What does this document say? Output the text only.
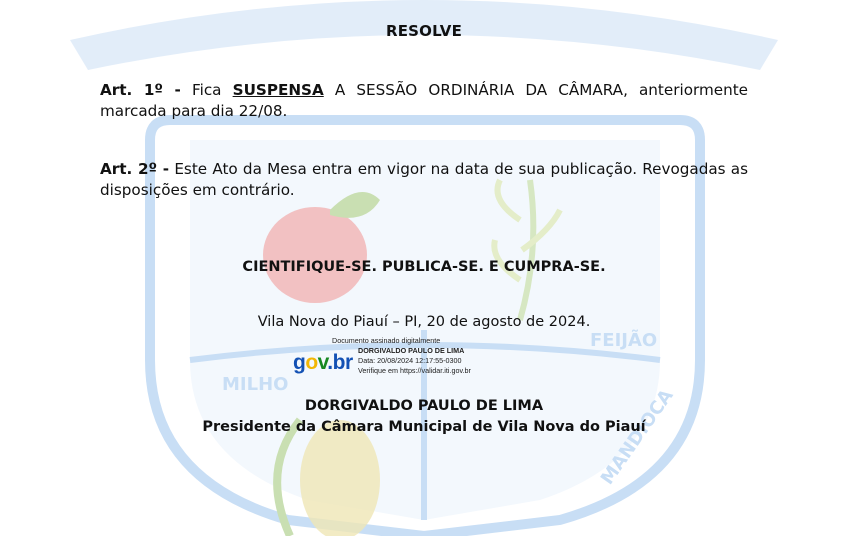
FEIJÃO
MILHO
MANDIOCA
RESOLVE
Art. 1º - Fica SUSPENSA A SESSÃO ORDINÁRIA DA CÂMARA, anteriormente marcada para dia 22/08.
Art. 2º - Este Ato da Mesa entra em vigor na data de sua publicação. Revogadas as disposições em contrário.
CIENTIFIQUE-SE. PUBLICA-SE. E CUMPRA-SE.
Vila Nova do Piauí – PI, 20 de agosto de 2024.
gov.br
Documento assinado digitalmente
DORGIVALDO PAULO DE LIMA
Data: 20/08/2024 12:17:55-0300
Verifique em https://validar.iti.gov.br
DORGIVALDO PAULO DE LIMA
Presidente da Câmara Municipal de Vila Nova do Piauí
